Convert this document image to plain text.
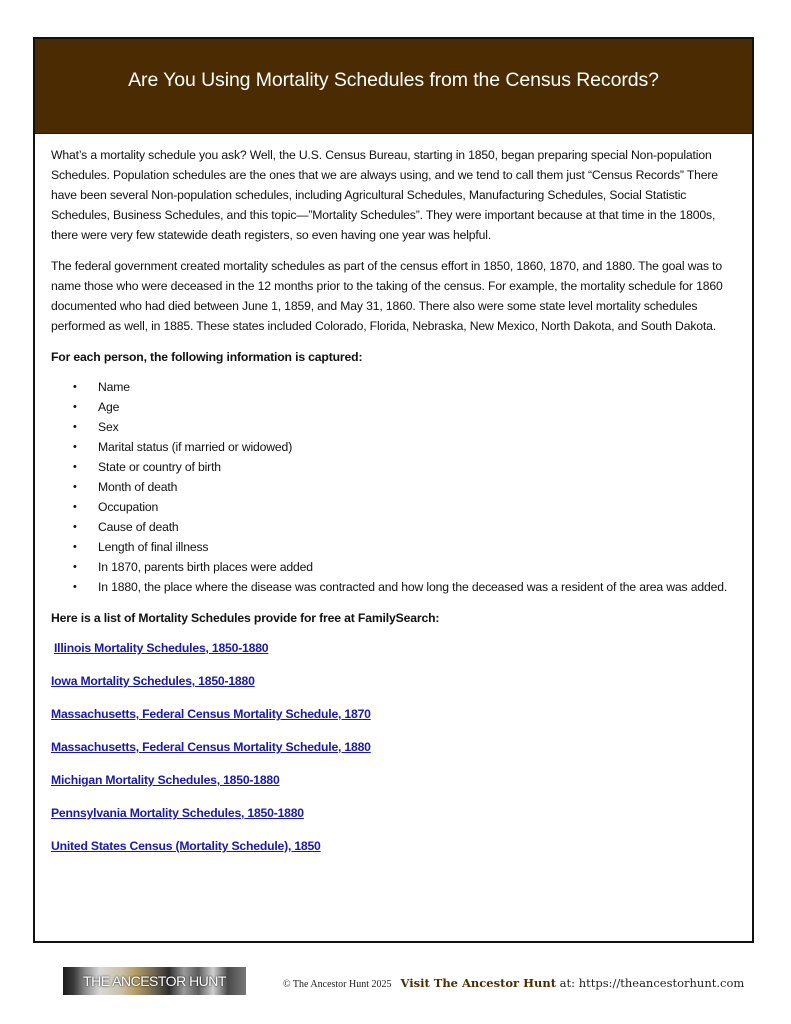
Are You Using Mortality Schedules from the Census Records?

What’s a mortality schedule you ask? Well, the U.S. Census Bureau, starting in 1850, began preparing special Non-population Schedules. Population schedules are the ones that we are always using, and we tend to call them just “Census Records” There have been several Non-population schedules, including Agricultural Schedules, Manufacturing Schedules, Social Statistic Schedules, Business Schedules, and this topic—”Mortality Schedules”. They were important because at that time in the 1800s, there were very few statewide death registers, so even having one year was helpful.

The federal government created mortality schedules as part of the census effort in 1850, 1860, 1870, and 1880. The goal was to name those who were deceased in the 12 months prior to the taking of the census. For example, the mortality schedule for 1860 documented who had died between June 1, 1859, and May 31, 1860. There also were some state level mortality schedules performed as well, in 1885. These states included Colorado, Florida, Nebraska, New Mexico, North Dakota, and South Dakota.

For each person, the following information is captured:

• Name
• Age
• Sex
• Marital status (if married or widowed)
• State or country of birth
• Month of death
• Occupation
• Cause of death
• Length of final illness
• In 1870, parents birth places were added
• In 1880, the place where the disease was contracted and how long the deceased was a resident of the area was added.

Here is a list of Mortality Schedules provide for free at FamilySearch:

Illinois Mortality Schedules, 1850-1880
Iowa Mortality Schedules, 1850-1880
Massachusetts, Federal Census Mortality Schedule, 1870
Massachusetts, Federal Census Mortality Schedule, 1880
Michigan Mortality Schedules, 1850-1880
Pennsylvania Mortality Schedules, 1850-1880
United States Census (Mortality Schedule), 1850
THE ANCESTOR HUNT	© The Ancestor Hunt 2025 Visit The Ancestor Hunt at: https://theancestorhunt.com
